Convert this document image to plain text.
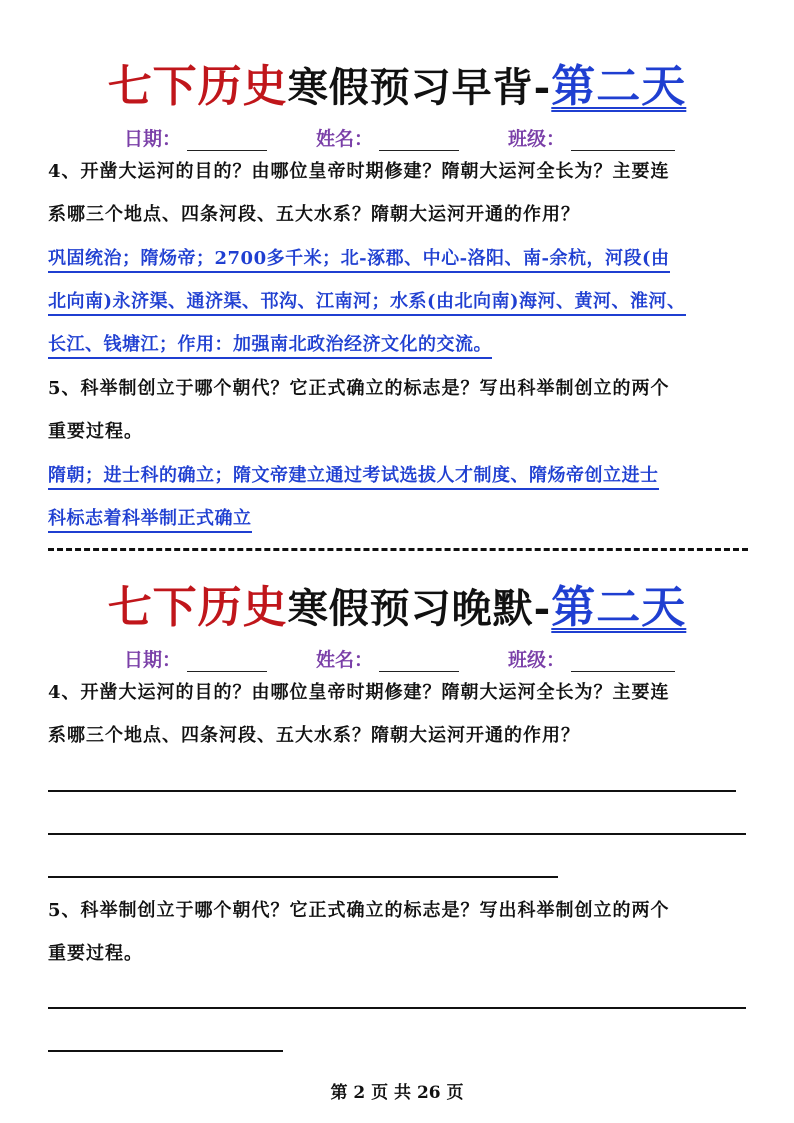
七下历史寒假预习早背-第二天
日期：	姓名：	班级：
4、开凿大运河的目的？由哪位皇帝时期修建？隋朝大运河全长为？主要连
系哪三个地点、四条河段、五大水系？隋朝大运河开通的作用？
巩固统治；隋炀帝；2700多千米；北-涿郡、中心-洛阳、南-余杭，河段(由
北向南)永济渠、通济渠、邗沟、江南河；水系(由北向南)海河、黄河、淮河、
长江、钱塘江；作用：加强南北政治经济文化的交流。
5、科举制创立于哪个朝代？它正式确立的标志是？写出科举制创立的两个
重要过程。
隋朝；进士科的确立；隋文帝建立通过考试选拔人才制度、隋炀帝创立进士
科标志着科举制正式确立
七下历史寒假预习晚默-第二天
日期：	姓名：	班级：
4、开凿大运河的目的？由哪位皇帝时期修建？隋朝大运河全长为？主要连
系哪三个地点、四条河段、五大水系？隋朝大运河开通的作用？
5、科举制创立于哪个朝代？它正式确立的标志是？写出科举制创立的两个
重要过程。
第 2 页 共 26 页
